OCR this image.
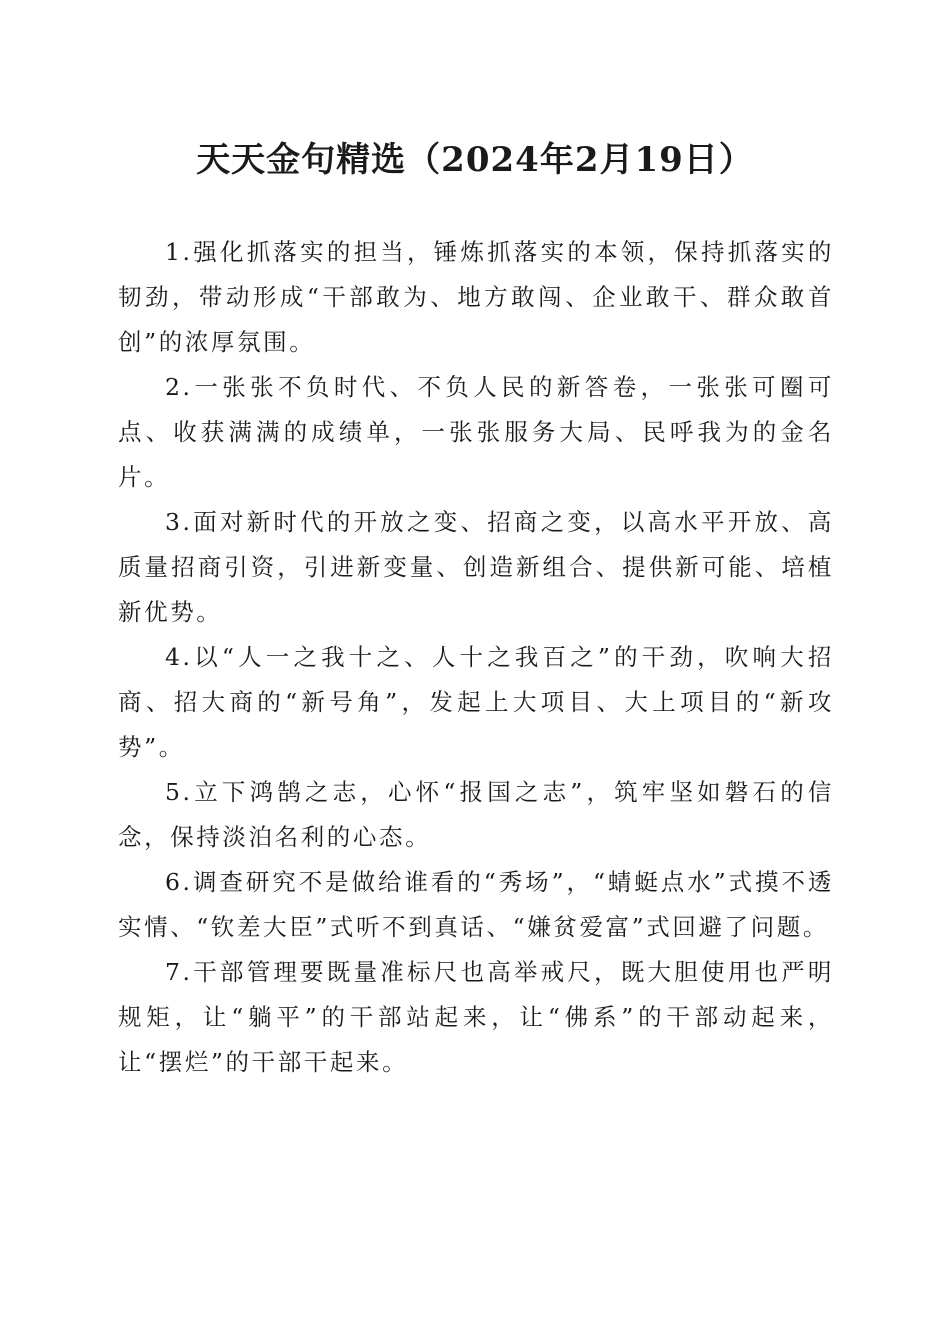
天天金句精选（2024年2月19日）

1.强化抓落实的担当，锤炼抓落实的本领，保持抓落实的韧劲，带动形成“干部敢为、地方敢闯、企业敢干、群众敢首创”的浓厚氛围。

2.一张张不负时代、不负人民的新答卷，一张张可圈可点、收获满满的成绩单，一张张服务大局、民呼我为的金名片。

3.面对新时代的开放之变、招商之变，以高水平开放、高质量招商引资，引进新变量、创造新组合、提供新可能、培植新优势。

4.以“人一之我十之、人十之我百之”的干劲，吹响大招商、招大商的“新号角”，发起上大项目、大上项目的“新攻势”。

5.立下鸿鹄之志，心怀“报国之志”，筑牢坚如磐石的信念，保持淡泊名利的心态。

6.调查研究不是做给谁看的“秀场”，“蜻蜓点水”式摸不透实情、“钦差大臣”式听不到真话、“嫌贫爱富”式回避了问题。

7.干部管理要既量准标尺也高举戒尺，既大胆使用也严明规矩，让“躺平”的干部站起来，让“佛系”的干部动起来，让“摆烂”的干部干起来。
